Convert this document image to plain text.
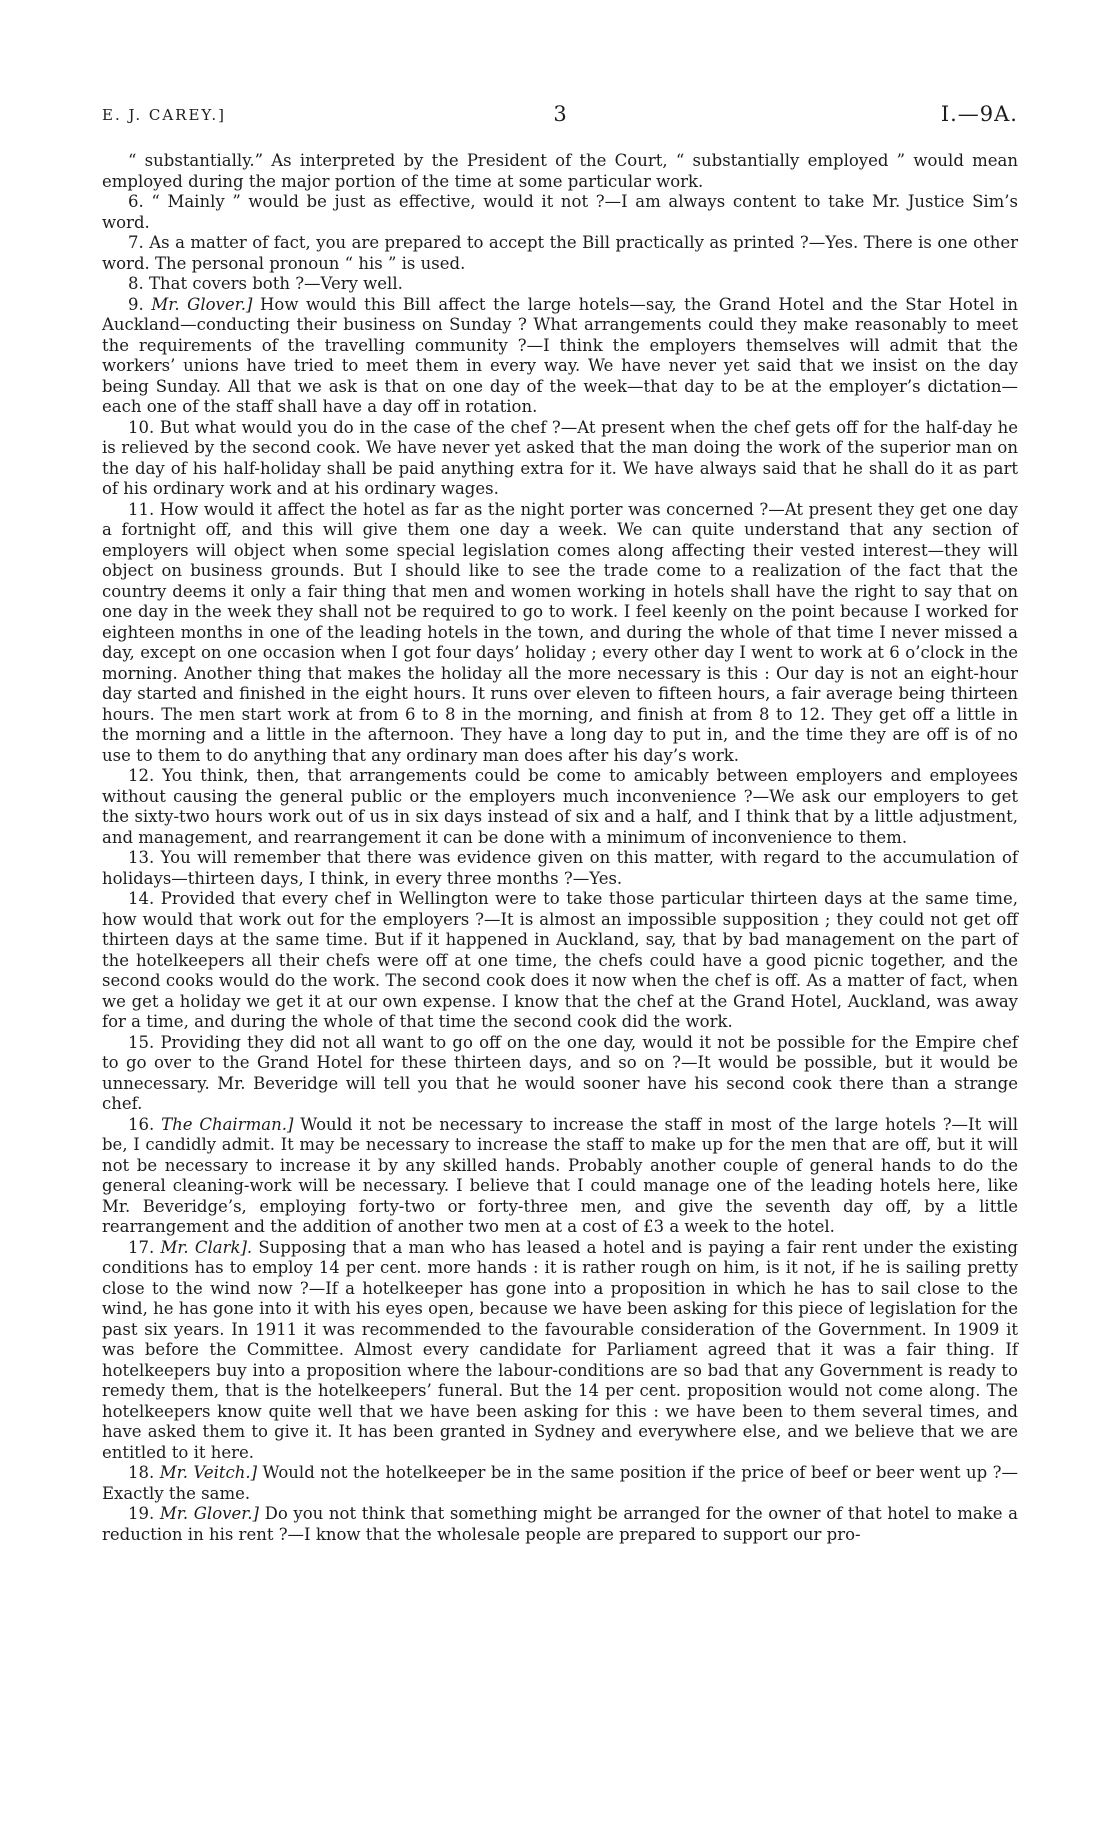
E. J. CAREY.]	3	I.—9A.

“ substantially.” As interpreted by the President of the Court, “ substantially employed ” would mean employed during the major portion of the time at some particular work.

6. “ Mainly ” would be just as effective, would it not ?—I am always content to take Mr. Justice Sim’s word.

7. As a matter of fact, you are prepared to accept the Bill practically as printed ?—Yes. There is one other word. The personal pronoun “ his ” is used.

8. That covers both ?—Very well.

9. Mr. Glover.] How would this Bill affect the large hotels—say, the Grand Hotel and the Star Hotel in Auckland—conducting their business on Sunday ? What arrangements could they make reasonably to meet the requirements of the travelling community ?—I think the employers themselves will admit that the workers’ unions have tried to meet them in every way. We have never yet said that we insist on the day being Sunday. All that we ask is that on one day of the week—that day to be at the employer’s dictation—each one of the staff shall have a day off in rotation.

10. But what would you do in the case of the chef ?—At present when the chef gets off for the half-day he is relieved by the second cook. We have never yet asked that the man doing the work of the superior man on the day of his half-holiday shall be paid anything extra for it. We have always said that he shall do it as part of his ordinary work and at his ordinary wages.

11. How would it affect the hotel as far as the night porter was concerned ?—At present they get one day a fortnight off, and this will give them one day a week. We can quite understand that any section of employers will object when some special legislation comes along affecting their vested interest—they will object on business grounds. But I should like to see the trade come to a realization of the fact that the country deems it only a fair thing that men and women working in hotels shall have the right to say that on one day in the week they shall not be required to go to work. I feel keenly on the point because I worked for eighteen months in one of the leading hotels in the town, and during the whole of that time I never missed a day, except on one occasion when I got four days’ holiday ; every other day I went to work at 6 o’clock in the morning. Another thing that makes the holiday all the more necessary is this : Our day is not an eight-hour day started and finished in the eight hours. It runs over eleven to fifteen hours, a fair average being thirteen hours. The men start work at from 6 to 8 in the morning, and finish at from 8 to 12. They get off a little in the morning and a little in the afternoon. They have a long day to put in, and the time they are off is of no use to them to do anything that any ordinary man does after his day’s work.

12. You think, then, that arrangements could be come to amicably between employers and employees without causing the general public or the employers much inconvenience ?—We ask our employers to get the sixty-two hours work out of us in six days instead of six and a half, and I think that by a little adjustment, and management, and rearrangement it can be done with a minimum of inconvenience to them.

13. You will remember that there was evidence given on this matter, with regard to the accumulation of holidays—thirteen days, I think, in every three months ?—Yes.

14. Provided that every chef in Wellington were to take those particular thirteen days at the same time, how would that work out for the employers ?—It is almost an impossible supposition ; they could not get off thirteen days at the same time. But if it happened in Auckland, say, that by bad management on the part of the hotelkeepers all their chefs were off at one time, the chefs could have a good picnic together, and the second cooks would do the work. The second cook does it now when the chef is off. As a matter of fact, when we get a holiday we get it at our own expense. I know that the chef at the Grand Hotel, Auckland, was away for a time, and during the whole of that time the second cook did the work.

15. Providing they did not all want to go off on the one day, would it not be possible for the Empire chef to go over to the Grand Hotel for these thirteen days, and so on ?—It would be possible, but it would be unnecessary. Mr. Beveridge will tell you that he would sooner have his second cook there than a strange chef.

16. The Chairman.] Would it not be necessary to increase the staff in most of the large hotels ?—It will be, I candidly admit. It may be necessary to increase the staff to make up for the men that are off, but it will not be necessary to increase it by any skilled hands. Probably another couple of general hands to do the general cleaning-work will be necessary. I believe that I could manage one of the leading hotels here, like Mr. Beveridge’s, employing forty-two or forty-three men, and give the seventh day off, by a little rearrangement and the addition of another two men at a cost of £3 a week to the hotel.

17. Mr. Clark]. Supposing that a man who has leased a hotel and is paying a fair rent under the existing conditions has to employ 14 per cent. more hands : it is rather rough on him, is it not, if he is sailing pretty close to the wind now ?—If a hotelkeeper has gone into a proposition in which he has to sail close to the wind, he has gone into it with his eyes open, because we have been asking for this piece of legislation for the past six years. In 1911 it was recommended to the favourable consideration of the Government. In 1909 it was before the Committee. Almost every candidate for Parliament agreed that it was a fair thing. If hotelkeepers buy into a proposition where the labour-conditions are so bad that any Government is ready to remedy them, that is the hotelkeepers’ funeral. But the 14 per cent. proposition would not come along. The hotelkeepers know quite well that we have been asking for this : we have been to them several times, and have asked them to give it. It has been granted in Sydney and everywhere else, and we believe that we are entitled to it here.

18. Mr. Veitch.] Would not the hotelkeeper be in the same position if the price of beef or beer went up ?—Exactly the same.

19. Mr. Glover.] Do you not think that something might be arranged for the owner of that hotel to make a reduction in his rent ?—I know that the wholesale people are prepared to support our pro-
